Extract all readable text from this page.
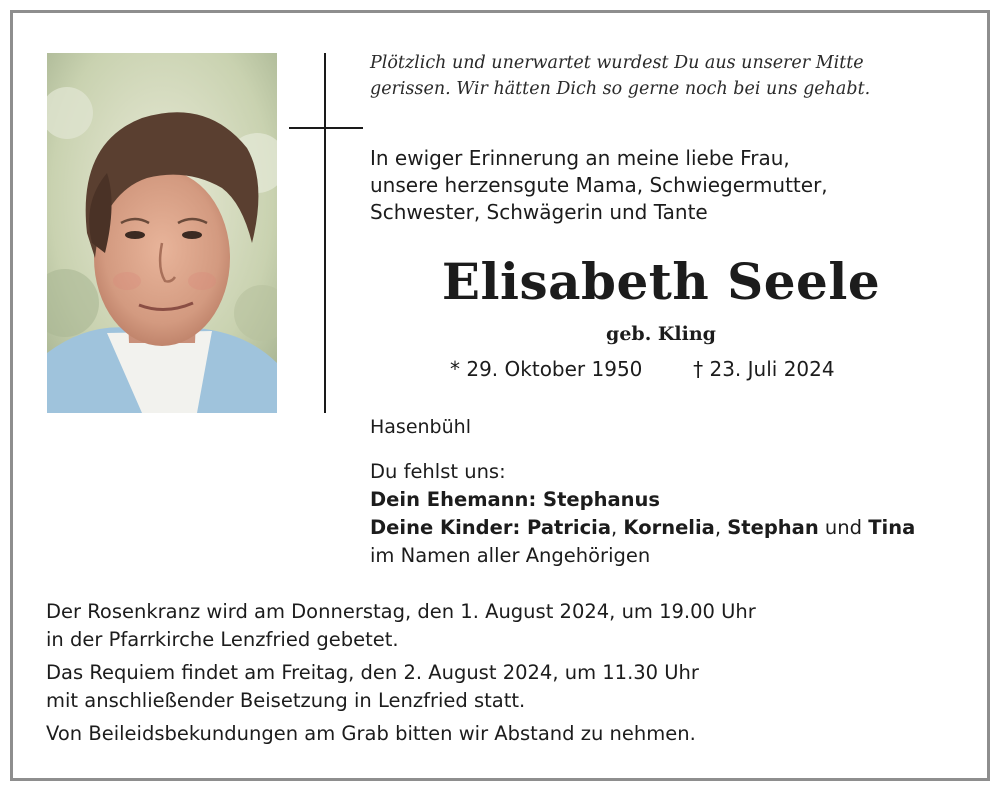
Plötzlich und unerwartet wurdest Du aus unserer Mitte
gerissen. Wir hätten Dich so gerne noch bei uns gehabt.
In ewiger Erinnerung an meine liebe Frau,
unsere herzensgute Mama, Schwiegermutter,
Schwester, Schwägerin und Tante
Elisabeth Seele
geb. Kling
* 29. Oktober 1950	† 23. Juli 2024
Hasenbühl
Du fehlst uns:
Dein Ehemann: Stephanus
Deine Kinder: Patricia, Kornelia, Stephan und Tina
im Namen aller Angehörigen
Der Rosenkranz wird am Donnerstag, den 1. August 2024, um 19.00 Uhr
in der Pfarrkirche Lenzfried gebetet.
Das Requiem findet am Freitag, den 2. August 2024, um 11.30 Uhr
mit anschließender Beisetzung in Lenzfried statt.
Von Beileidsbekundungen am Grab bitten wir Abstand zu nehmen.
